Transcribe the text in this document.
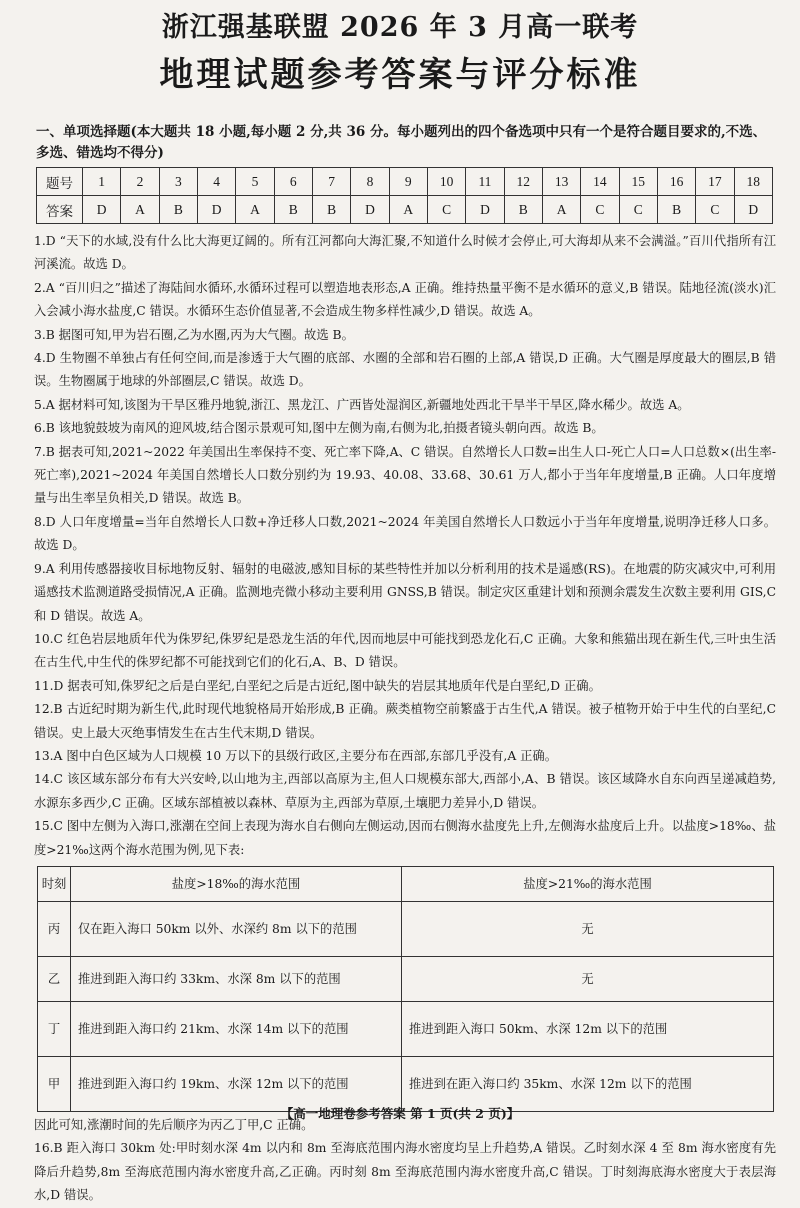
浙江强基联盟 2026 年 3 月高一联考
地理试题参考答案与评分标准
一、单项选择题(本大题共 18 小题,每小题 2 分,共 36 分。每小题列出的四个备选项中只有一个是符合题目要求的,不选、多选、错选均不得分)
题号	1	2	3	4	5	6	7	8	9	10	11	12	13	14	15	16	17	18
答案	D	A	B	D	A	B	B	D	A	C	D	B	A	C	C	B	C	D

1.D “天下的水域,没有什么比大海更辽阔的。所有江河都向大海汇聚,不知道什么时候才会停止,可大海却从来不会满溢。”百川代指所有江河溪流。故选 D。

2.A “百川归之”描述了海陆间水循环,水循环过程可以塑造地表形态,A 正确。维持热量平衡不是水循环的意义,B 错误。陆地径流(淡水)汇入会减小海水盐度,C 错误。水循环生态价值显著,不会造成生物多样性减少,D 错误。故选 A。

3.B 据图可知,甲为岩石圈,乙为水圈,丙为大气圈。故选 B。

4.D 生物圈不单独占有任何空间,而是渗透于大气圈的底部、水圈的全部和岩石圈的上部,A 错误,D 正确。大气圈是厚度最大的圈层,B 错误。生物圈属于地球的外部圈层,C 错误。故选 D。

5.A 据材料可知,该图为干旱区雅丹地貌,浙江、黑龙江、广西皆处湿润区,新疆地处西北干旱半干旱区,降水稀少。故选 A。

6.B 该地貌鼓坡为南风的迎风坡,结合图示景观可知,图中左侧为南,右侧为北,拍摄者镜头朝向西。故选 B。

7.B 据表可知,2021~2022 年美国出生率保持不变、死亡率下降,A、C 错误。自然增长人口数=出生人口-死亡人口=人口总数×(出生率-死亡率),2021~2024 年美国自然增长人口数分别约为 19.93、40.08、33.68、30.61 万人,都小于当年年度增量,B 正确。人口年度增量与出生率呈负相关,D 错误。故选 B。

8.D 人口年度增量=当年自然增长人口数+净迁移人口数,2021~2024 年美国自然增长人口数远小于当年年度增量,说明净迁移人口多。故选 D。

9.A 利用传感器接收目标地物反射、辐射的电磁波,感知目标的某些特性并加以分析利用的技术是遥感(RS)。在地震的防灾减灾中,可利用遥感技术监测道路受损情况,A 正确。监测地壳微小移动主要利用 GNSS,B 错误。制定灾区重建计划和预测余震发生次数主要利用 GIS,C 和 D 错误。故选 A。

10.C 红色岩层地质年代为侏罗纪,侏罗纪是恐龙生活的年代,因而地层中可能找到恐龙化石,C 正确。大象和熊猫出现在新生代,三叶虫生活在古生代,中生代的侏罗纪都不可能找到它们的化石,A、B、D 错误。

11.D 据表可知,侏罗纪之后是白垩纪,白垩纪之后是古近纪,图中缺失的岩层其地质年代是白垩纪,D 正确。

12.B 古近纪时期为新生代,此时现代地貌格局开始形成,B 正确。蕨类植物空前繁盛于古生代,A 错误。被子植物开始于中生代的白垩纪,C 错误。史上最大灭绝事情发生在古生代末期,D 错误。

13.A 图中白色区域为人口规模 10 万以下的县级行政区,主要分布在西部,东部几乎没有,A 正确。

14.C 该区域东部分布有大兴安岭,以山地为主,西部以高原为主,但人口规模东部大,西部小,A、B 错误。该区域降水自东向西呈递减趋势,水源东多西少,C 正确。区域东部植被以森林、草原为主,西部为草原,土壤肥力差异小,D 错误。

15.C 图中左侧为入海口,涨潮在空间上表现为海水自右侧向左侧运动,因而右侧海水盐度先上升,左侧海水盐度后上升。以盐度>18‰、盐度>21‰这两个海水范围为例,见下表:

时刻	盐度>18‰的海水范围	盐度>21‰的海水范围
丙	仅在距入海口 50km 以外、水深约 8m 以下的范围	无
乙	推进到距入海口约 33km、水深 8m 以下的范围	无
丁	推进到距入海口约 21km、水深 14m 以下的范围	推进到距入海口 50km、水深 12m 以下的范围
甲	推进到距入海口约 19km、水深 12m 以下的范围	推进到在距入海口约 35km、水深 12m 以下的范围

因此可知,涨潮时间的先后顺序为丙乙丁甲,C 正确。

16.B 距入海口 30km 处:甲时刻水深 4m 以内和 8m 至海底范围内海水密度均呈上升趋势,A 错误。乙时刻水深 4 至 8m 海水密度有先降后升趋势,8m 至海底范围内海水密度升高,乙正确。丙时刻 8m 至海底范围内海水密度升高,C 错误。丁时刻海底海水密度大于表层海水,D 错误。

【高一地理卷参考答案 第 1 页(共 2 页)】
